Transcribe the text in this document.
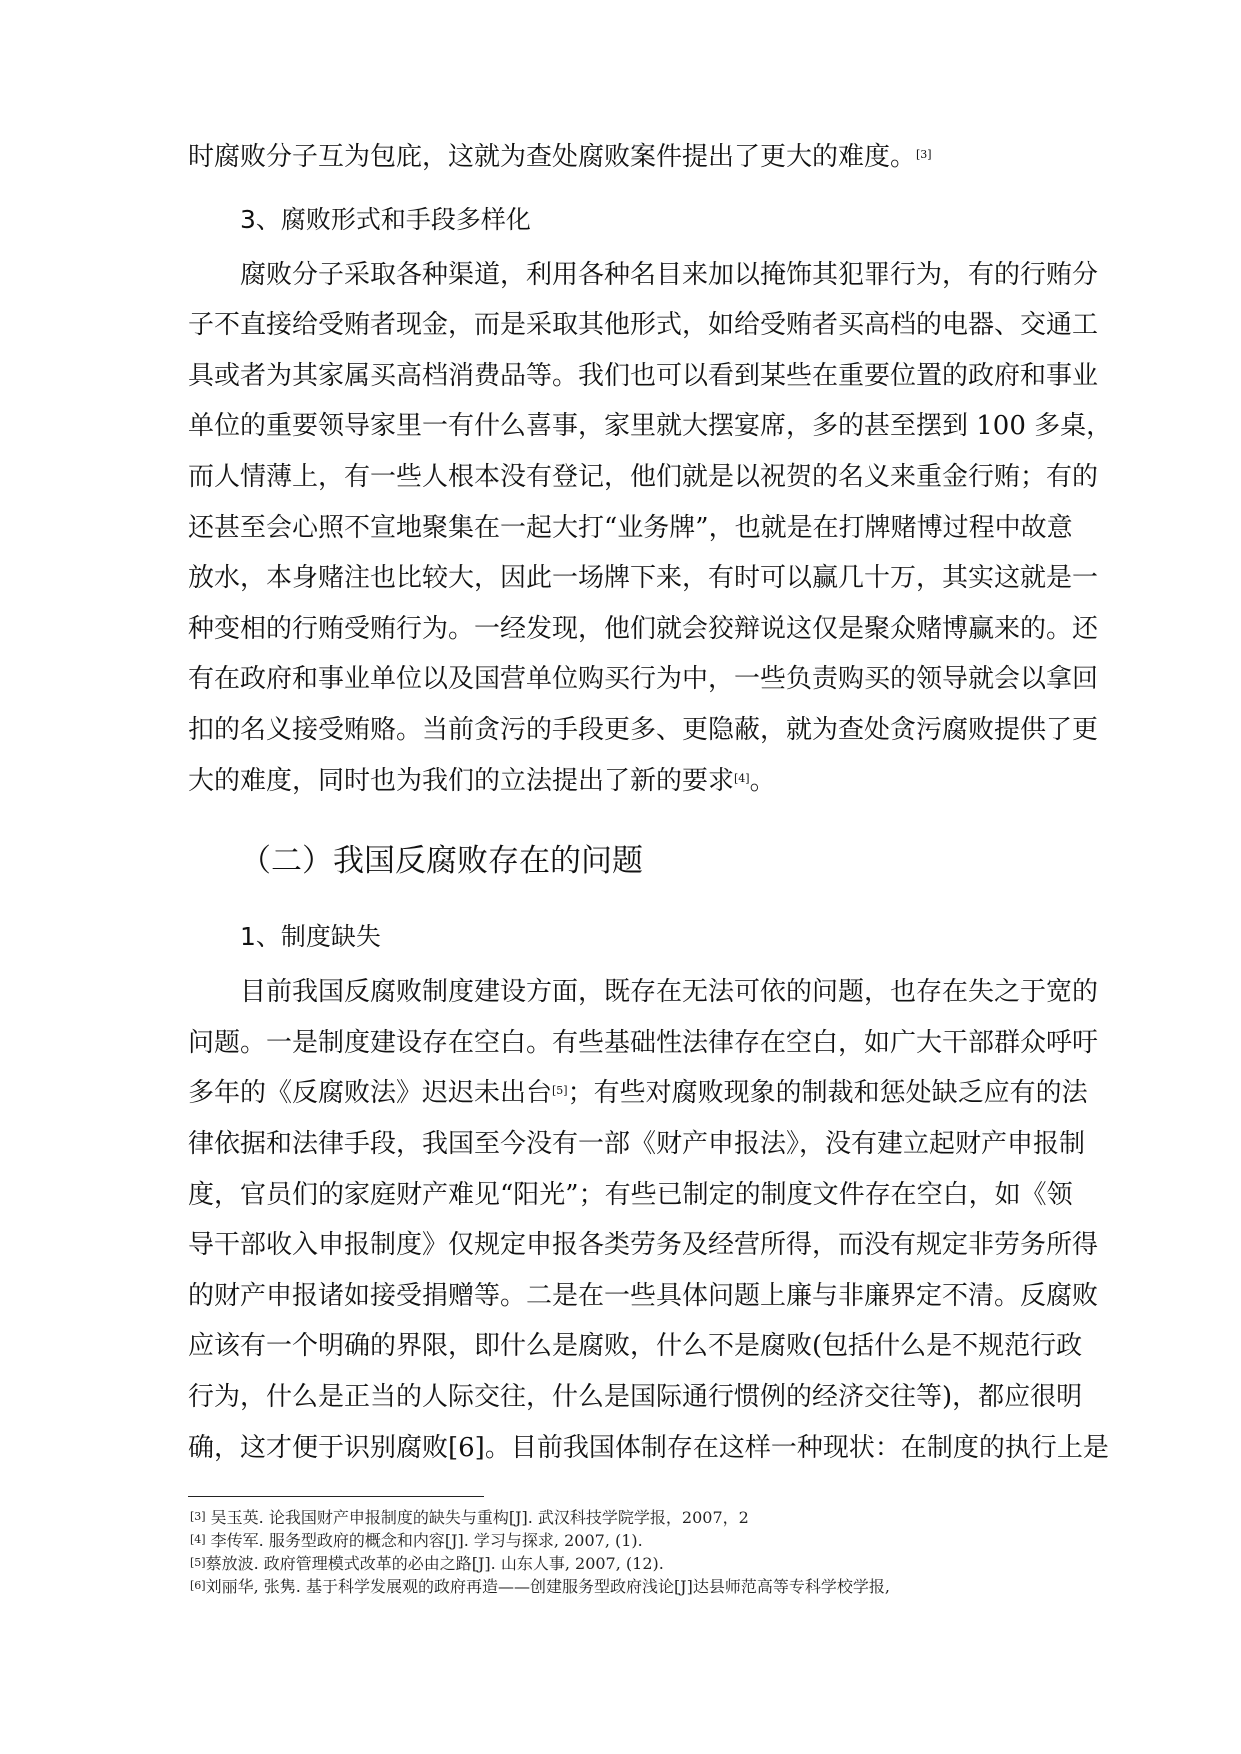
时腐败分子互为包庇，这就为查处腐败案件提出了更大的难度。[3]
3、腐败形式和手段多样化
腐败分子采取各种渠道，利用各种名目来加以掩饰其犯罪行为，有的行贿分
子不直接给受贿者现金，而是采取其他形式，如给受贿者买高档的电器、交通工
具或者为其家属买高档消费品等。我们也可以看到某些在重要位置的政府和事业
单位的重要领导家里一有什么喜事，家里就大摆宴席，多的甚至摆到 100 多桌，
而人情薄上，有一些人根本没有登记，他们就是以祝贺的名义来重金行贿；有的
还甚至会心照不宣地聚集在一起大打“业务牌”，也就是在打牌赌博过程中故意
放水，本身赌注也比较大，因此一场牌下来，有时可以赢几十万，其实这就是一
种变相的行贿受贿行为。一经发现，他们就会狡辩说这仅是聚众赌博赢来的。还
有在政府和事业单位以及国营单位购买行为中，一些负责购买的领导就会以拿回
扣的名义接受贿赂。当前贪污的手段更多、更隐蔽，就为查处贪污腐败提供了更
大的难度，同时也为我们的立法提出了新的要求[4]。
（二）我国反腐败存在的问题
1、制度缺失
目前我国反腐败制度建设方面，既存在无法可依的问题，也存在失之于宽的
问题。一是制度建设存在空白。有些基础性法律存在空白，如广大干部群众呼吁
多年的《反腐败法》迟迟未出台[5]；有些对腐败现象的制裁和惩处缺乏应有的法
律依据和法律手段，我国至今没有一部《财产申报法》，没有建立起财产申报制
度，官员们的家庭财产难见“阳光”；有些已制定的制度文件存在空白，如《领
导干部收入申报制度》仅规定申报各类劳务及经营所得，而没有规定非劳务所得
的财产申报诸如接受捐赠等。二是在一些具体问题上廉与非廉界定不清。反腐败
应该有一个明确的界限，即什么是腐败，什么不是腐败(包括什么是不规范行政
行为，什么是正当的人际交往，什么是国际通行惯例的经济交往等)，都应很明
确，这才便于识别腐败[6]。目前我国体制存在这样一种现状：在制度的执行上是
[3] 吴玉英. 论我国财产申报制度的缺失与重构[J]. 武汉科技学院学报，2007，2
[4] 李传军. 服务型政府的概念和内容[J]. 学习与探求, 2007, (1).
[5]蔡放波. 政府管理模式改革的必由之路[J]. 山东人事, 2007, (12).
[6]刘丽华, 张隽. 基于科学发展观的政府再造——创建服务型政府浅论[J]达县师范高等专科学校学报,
